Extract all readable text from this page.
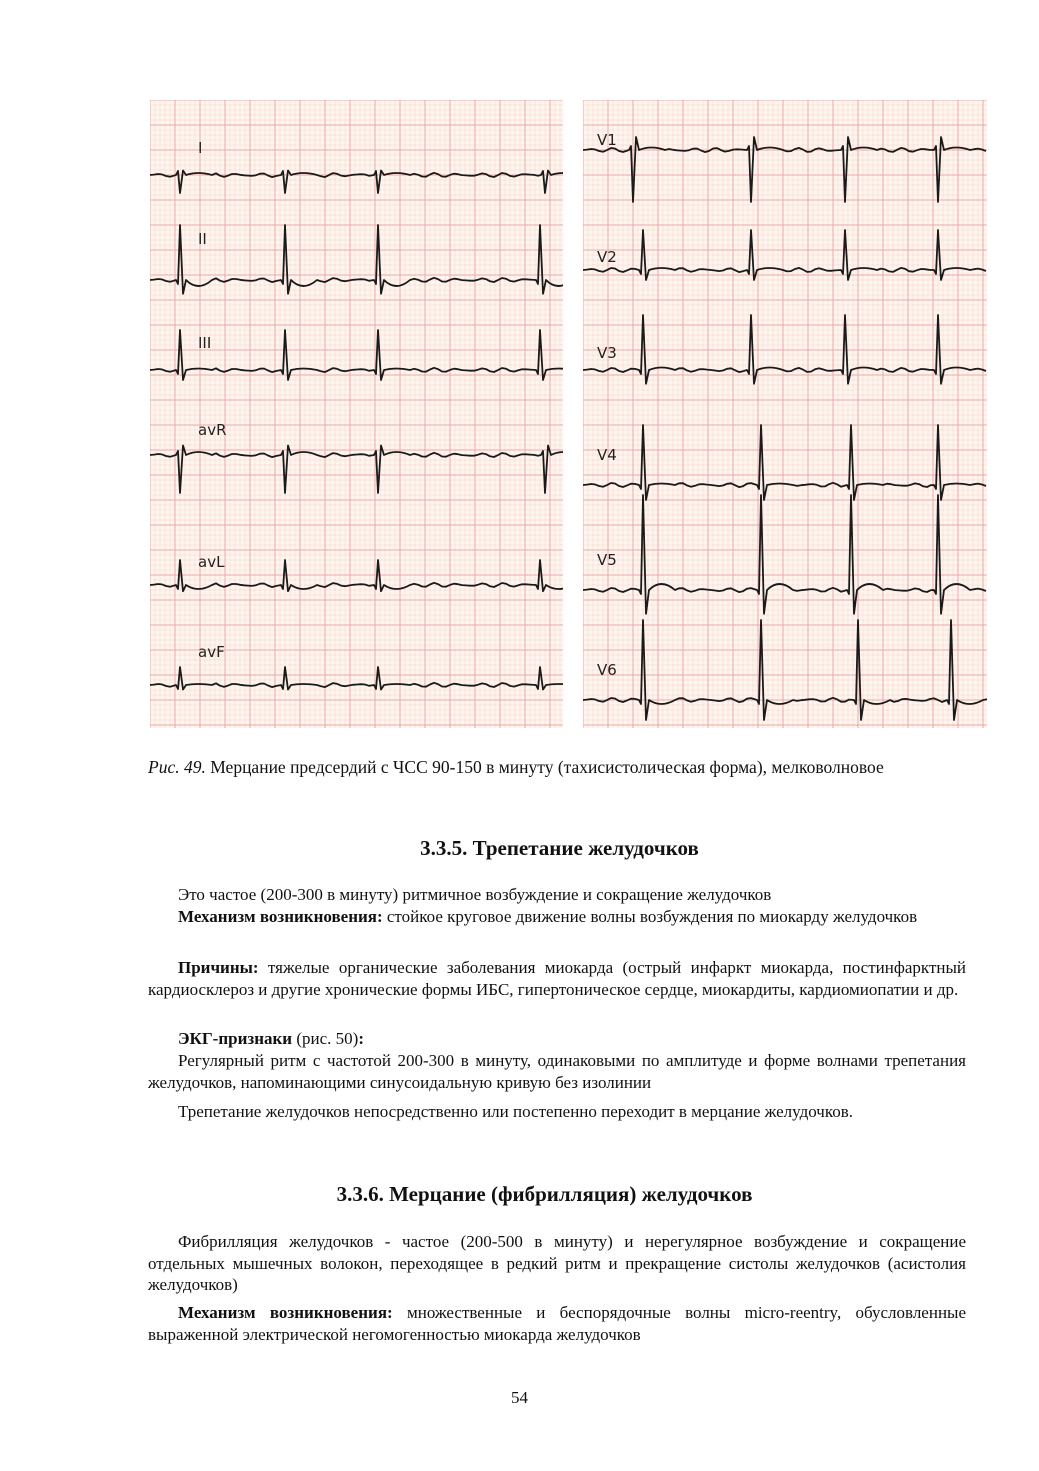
I
II
III
avR
avL
avF
V1
V2
V3
V4
V5
V6
Рис. 49. Мерцание предсердий с ЧСС 90-150 в минуту (тахисистолическая форма), мелковолновое
3.3.5. Трепетание желудочков
Это частое (200-300 в минуту) ритмичное возбуждение и сокращение желудочков
Механизм возникновения: стойкое круговое движение волны возбуждения по миокарду желудочков
Причины: тяжелые органические заболевания миокарда (острый инфаркт миокарда, постинфарктный кардиосклероз и другие хронические формы ИБС, гипертоническое сердце, миокардиты, кардиомиопатии и др.
ЭКГ-признаки (рис. 50):
Регулярный ритм с частотой 200-300 в минуту, одинаковыми по амплитуде и форме волнами трепетания желудочков, напоминающими синусоидальную кривую без изолинии
Трепетание желудочков непосредственно или постепенно переходит в мерцание желудочков.
3.3.6. Мерцание (фибрилляция) желудочков
Фибрилляция желудочков - частое (200-500 в минуту) и нерегулярное возбуждение и сокращение отдельных мышечных волокон, переходящее в редкий ритм и прекращение систолы желудочков (асистолия желудочков)
Механизм возникновения: множественные и беспорядочные волны micro-reentry, обусловленные выраженной электрической негомогенностью миокарда желудочков
54
